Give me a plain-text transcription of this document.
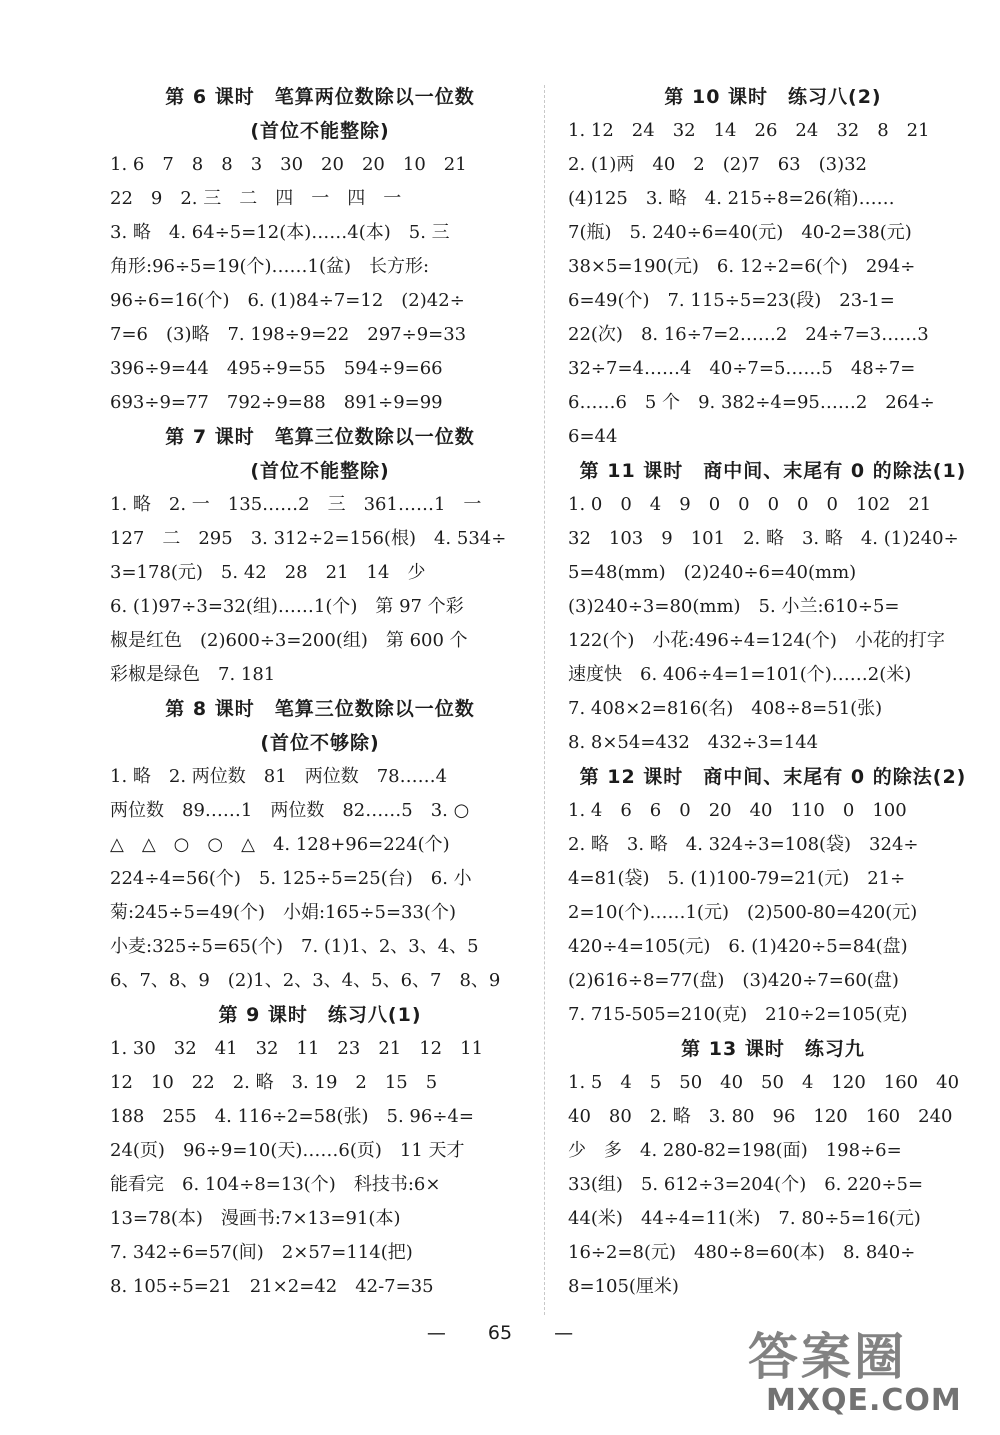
第 6 课时　笔算两位数除以一位数
(首位不能整除)
1. 6　7　8　8　3　30　20　20　10　21
22　9　2. 三　二　四　一　四　一
3. 略　4. 64÷5=12(本)……4(本)　5. 三
角形:96÷5=19(个)……1(盆)　长方形:
96÷6=16(个)　6. (1)84÷7=12　(2)42÷
7=6　(3)略　7. 198÷9=22　297÷9=33
396÷9=44　495÷9=55　594÷9=66
693÷9=77　792÷9=88　891÷9=99
第 7 课时　笔算三位数除以一位数
(首位不能整除)
1. 略　2. 一　135……2　三　361……1　一
127　二　295　3. 312÷2=156(根)　4. 534÷
3=178(元)　5. 42　28　21　14　少
6. (1)97÷3=32(组)……1(个)　第 97 个彩
椒是红色　(2)600÷3=200(组)　第 600 个
彩椒是绿色　7. 181
第 8 课时　笔算三位数除以一位数
(首位不够除)
1. 略　2. 两位数　81　两位数　78……4
两位数　89……1　两位数　82……5　3. ○
△　△　○　○　△　4. 128+96=224(个)
224÷4=56(个)　5. 125÷5=25(台)　6. 小
菊:245÷5=49(个)　小娟:165÷5=33(个)
小麦:325÷5=65(个)　7. (1)1、2、3、4、5
6、7、8、9　(2)1、2、3、4、5、6、7　8、9
第 9 课时　练习八(1)
1. 30　32　41　32　11　23　21　12　11
12　10　22　2. 略　3. 19　2　15　5
188　255　4. 116÷2=58(张)　5. 96÷4=
24(页)　96÷9=10(天)……6(页)　11 天才
能看完　6. 104÷8=13(个)　科技书:6×
13=78(本)　漫画书:7×13=91(本)
7. 342÷6=57(间)　2×57=114(把)
8. 105÷5=21　21×2=42　42-7=35
第 10 课时　练习八(2)
1. 12　24　32　14　26　24　32　8　21
2. (1)两　40　2　(2)7　63　(3)32
(4)125　3. 略　4. 215÷8=26(箱)……
7(瓶)　5. 240÷6=40(元)　40-2=38(元)
38×5=190(元)　6. 12÷2=6(个)　294÷
6=49(个)　7. 115÷5=23(段)　23-1=
22(次)　8. 16÷7=2……2　24÷7=3……3
32÷7=4……4　40÷7=5……5　48÷7=
6……6　5 个　9. 382÷4=95……2　264÷
6=44
第 11 课时　商中间、末尾有 0 的除法(1)
1. 0　0　4　9　0　0　0　0　0　102　21
32　103　9　101　2. 略　3. 略　4. (1)240÷
5=48(mm)　(2)240÷6=40(mm)
(3)240÷3=80(mm)　5. 小兰:610÷5=
122(个)　小花:496÷4=124(个)　小花的打字
速度快　6. 406÷4=1=101(个)……2(米)
7. 408×2=816(名)　408÷8=51(张)
8. 8×54=432　432÷3=144
第 12 课时　商中间、末尾有 0 的除法(2)
1. 4　6　6　0　20　40　110　0　100
2. 略　3. 略　4. 324÷3=108(袋)　324÷
4=81(袋)　5. (1)100-79=21(元)　21÷
2=10(个)……1(元)　(2)500-80=420(元)
420÷4=105(元)　6. (1)420÷5=84(盘)
(2)616÷8=77(盘)　(3)420÷7=60(盘)
7. 715-505=210(克)　210÷2=105(克)
第 13 课时　练习九
1. 5　4　5　50　40　50　4　120　160　40
40　80　2. 略　3. 80　96　120　160　240
少　多　4. 280-82=198(面)　198÷6=
33(组)　5. 612÷3=204(个)　6. 220÷5=
44(米)　44÷4=11(米)　7. 80÷5=16(元)
16÷2=8(元)　480÷8=60(本)　8. 840÷
8=105(厘米)
— 65 —	答案圈
MXQE.COM
